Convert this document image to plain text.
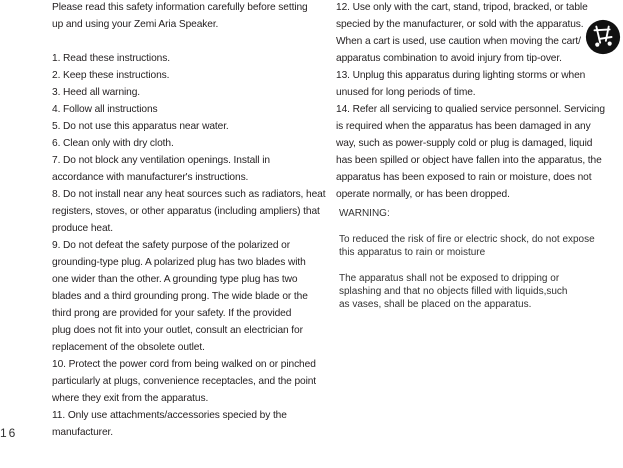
Please read this safety information carefully before setting

up and using your Zemi Aria Speaker.

1. Read these instructions.

2. Keep these instructions.

3. Heed all warning.

4. Follow all instructions

5. Do not use this apparatus near water.

6. Clean only with dry cloth.

7. Do not block any ventilation openings. Install in

accordance with manufacturer's instructions.

8. Do not install near any heat sources such as radiators, heat

registers, stoves, or other apparatus (including ampliers) that

produce heat.

9. Do not defeat the safety purpose of the polarized or

grounding-type plug. A polarized plug has two blades with

one wider than the other. A grounding type plug has two

blades and a third grounding prong. The wide blade or the

third prong are provided for your safety. If the provided

plug does not fit into your outlet, consult an electrician for

replacement of the obsolete outlet.

10. Protect the power cord from being walked on or pinched

particularly at plugs, convenience receptacles, and the point

where they exit from the apparatus.

11. Only use attachments/accessories specied by the

manufacturer.

12. Use only with the cart, stand, tripod, bracked, or table

specied by the manufacturer, or sold with the apparatus.

When a cart is used, use caution when moving the cart/

apparatus combination to avoid injury from tip-over.

13. Unplug this apparatus during lighting storms or when

unused for long periods of time.

14. Refer all servicing to qualied service personnel. Servicing

is required when the apparatus has been damaged in any

way, such as power-supply cold or plug is damaged, liquid

has been spilled or object have fallen into the apparatus, the

apparatus has been exposed to rain or moisture, does not

operate normally, or has been dropped.

WARNING:

To reduced the risk of fire or electric shock, do not expose

this apparatus to rain or moisture

The apparatus shall not be exposed to dripping or

splashing and that no objects filled with liquids,such

as vases, shall be placed on the apparatus.

16
